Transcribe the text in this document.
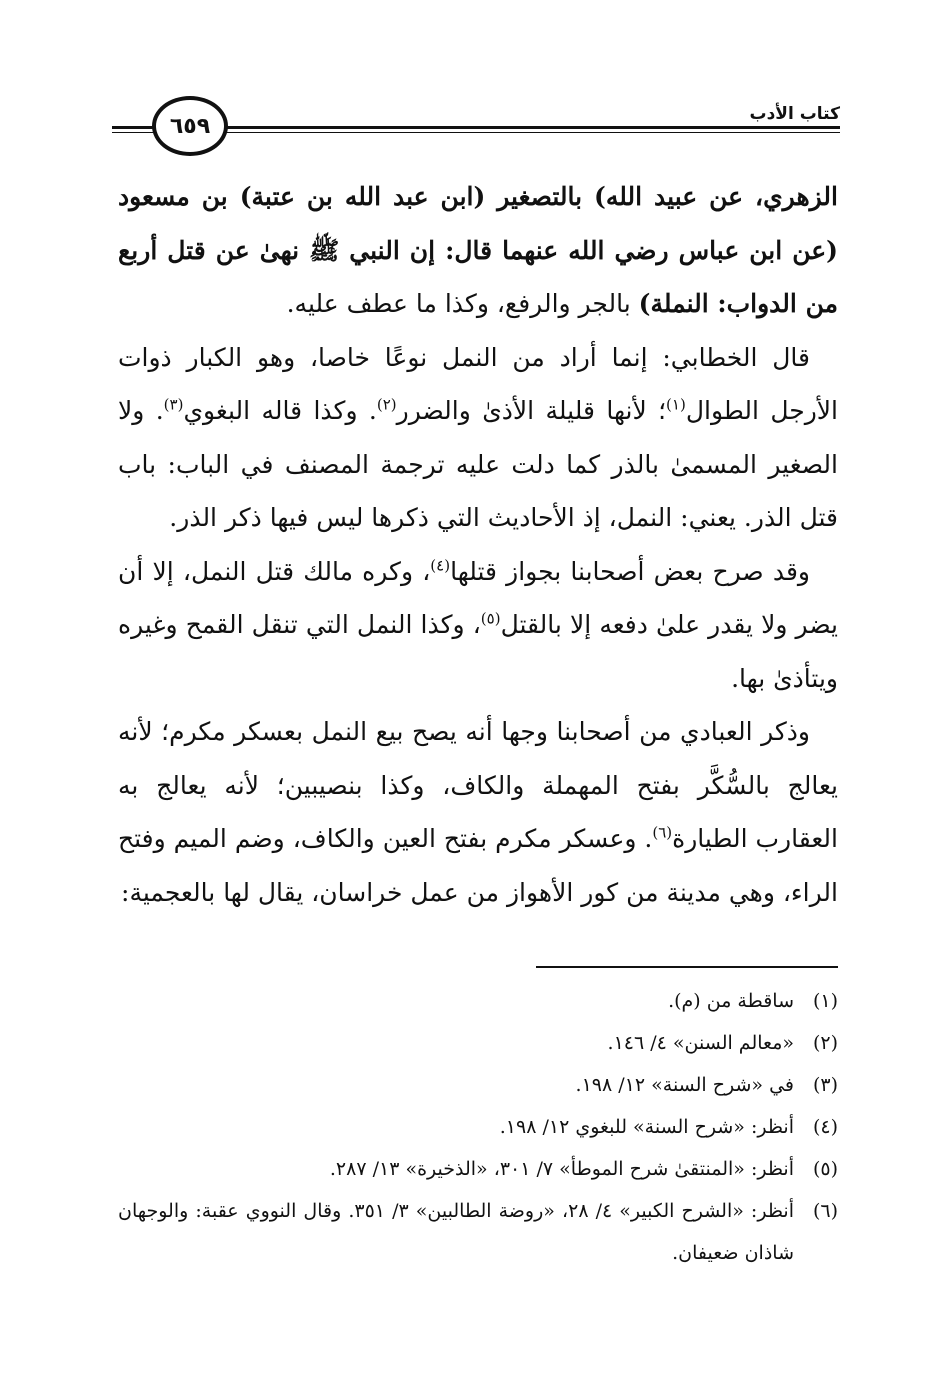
٦٥٩	كتاب الأدب

الزهري، عن عبيد الله) بالتصغير (ابن عبد الله بن عتبة) بن مسعود (عن ابن عباس رضي الله عنهما قال: إن النبي ﷺ نهىٰ عن قتل أربع من الدواب: النملة) بالجر والرفع، وكذا ما عطف عليه.

قال الخطابي: إنما أراد من النمل نوعًا خاصا، وهو الكبار ذوات الأرجل الطوال$^{(١)}$؛ لأنها قليلة الأذىٰ والضرر$^{(٢)}$. وكذا قاله البغوي$^{(٣)}$. ولا الصغير المسمىٰ بالذر كما دلت عليه ترجمة المصنف في الباب: باب قتل الذر. يعني: النمل، إذ الأحاديث التي ذكرها ليس فيها ذكر الذر.

وقد صرح بعض أصحابنا بجواز قتلها$^{(٤)}$، وكره مالك قتل النمل، إلا أن يضر ولا يقدر علىٰ دفعه إلا بالقتل$^{(٥)}$، وكذا النمل التي تنقل القمح وغيره ويتأذىٰ بها.

وذكر العبادي من أصحابنا وجها أنه يصح بيع النمل بعسكر مكرم؛ لأنه يعالج بالسُّكَّر بفتح المهملة والكاف، وكذا بنصيبين؛ لأنه يعالج به العقارب الطيارة$^{(٦)}$. وعسكر مكرم بفتح العين والكاف، وضم الميم وفتح الراء، وهي مدينة من كور الأهواز من عمل خراسان، يقال لها بالعجمية:

(١)
ساقطة من (م).
(٢)
«معالم السنن» ٤/ ١٤٦.
(٣)
في «شرح السنة» ١٢/ ١٩٨.
(٤)
أنظر: «شرح السنة» للبغوي ١٢/ ١٩٨.
(٥)
أنظر: «المنتقىٰ شرح الموطأ» ٧/ ٣٠١، «الذخيرة» ١٣/ ٢٨٧.
(٦)
أنظر: «الشرح الكبير» ٤/ ٢٨، «روضة الطالبين» ٣/ ٣٥١. وقال النووي عقبة: والوجهان شاذان ضعيفان.
